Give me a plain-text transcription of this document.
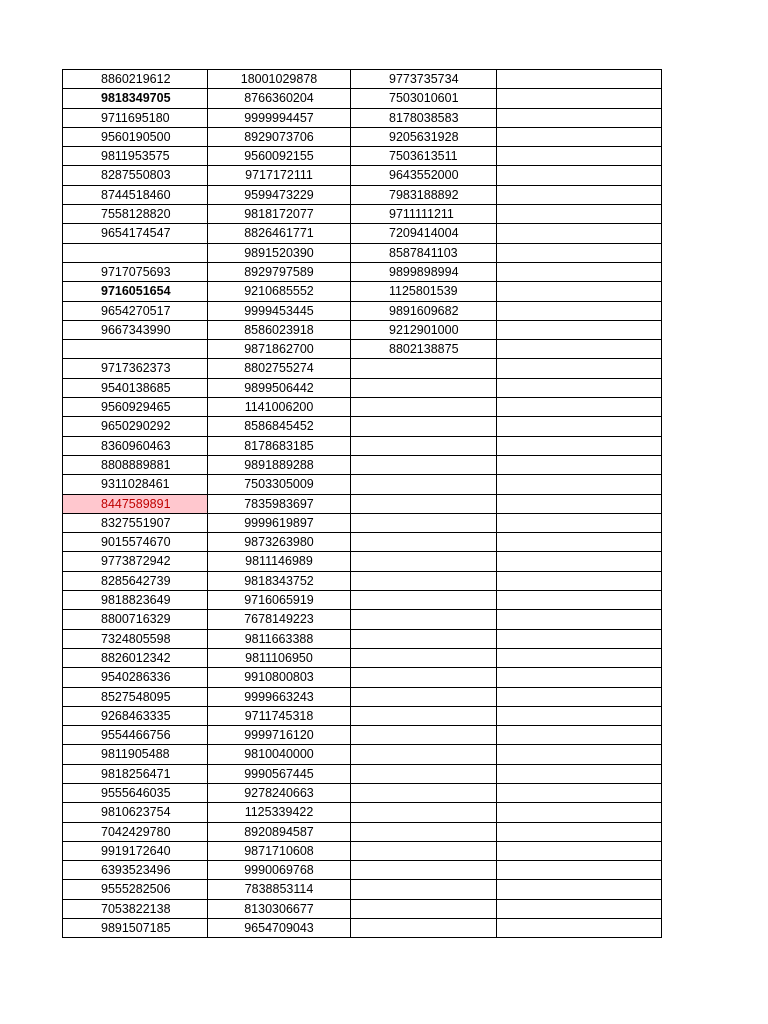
8860219612	18001029878	9773735734	
9818349705	8766360204	7503010601	
9711695180	9999994457	8178038583	
9560190500	8929073706	9205631928	
9811953575	9560092155	7503613511	
8287550803	9717172111	9643552000	
8744518460	9599473229	7983188892	
7558128820	9818172077	9711111211	
9654174547	8826461771	7209414004	
	9891520390	8587841103	
9717075693	8929797589	9899898994	
9716051654	9210685552	1125801539	
9654270517	9999453445	9891609682	
9667343990	8586023918	9212901000	
	9871862700	8802138875	
9717362373	8802755274		
9540138685	9899506442		
9560929465	1141006200		
9650290292	8586845452		
8360960463	8178683185		
8808889881	9891889288		
9311028461	7503305009		
8447589891	7835983697		
8327551907	9999619897		
9015574670	9873263980		
9773872942	9811146989		
8285642739	9818343752		
9818823649	9716065919		
8800716329	7678149223		
7324805598	9811663388		
8826012342	9811106950		
9540286336	9910800803		
8527548095	9999663243		
9268463335	9711745318		
9554466756	9999716120		
9811905488	9810040000		
9818256471	9990567445		
9555646035	9278240663		
9810623754	1125339422		
7042429780	8920894587		
9919172640	9871710608		
6393523496	9990069768		
9555282506	7838853114		
7053822138	8130306677		
9891507185	9654709043		
